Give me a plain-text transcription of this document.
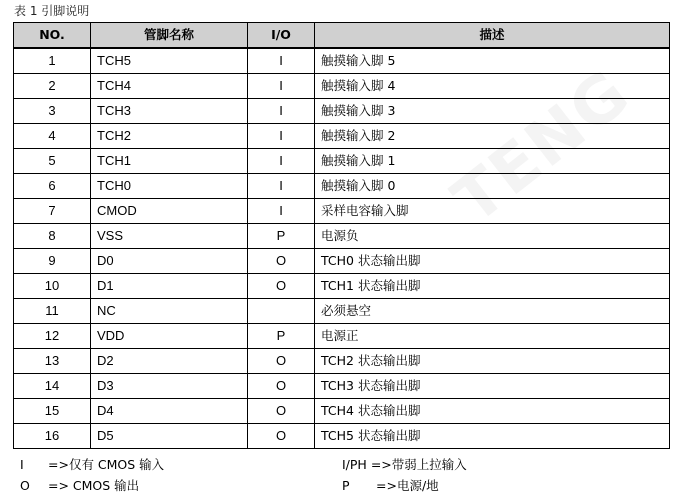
表 1 引脚说明
TENG
NO.	管脚名称	I/O	描述
1	TCH5	I	触摸输入脚 5
2	TCH4	I	触摸输入脚 4
3	TCH3	I	触摸输入脚 3
4	TCH2	I	触摸输入脚 2
5	TCH1	I	触摸输入脚 1
6	TCH0	I	触摸输入脚 0
7	CMOD	I	采样电容输入脚
8	VSS	P	电源负
9	D0	O	TCH0 状态输出脚
10	D1	O	TCH1 状态输出脚
11	NC		必须悬空
12	VDD	P	电源正
13	D2	O	TCH2 状态输出脚
14	D3	O	TCH3 状态输出脚
15	D4	O	TCH4 状态输出脚
16	D5	O	TCH5 状态输出脚
I =>仅有 CMOS 输入	I/PH =>带弱上拉输入
O => CMOS 输出	P =>电源/地
